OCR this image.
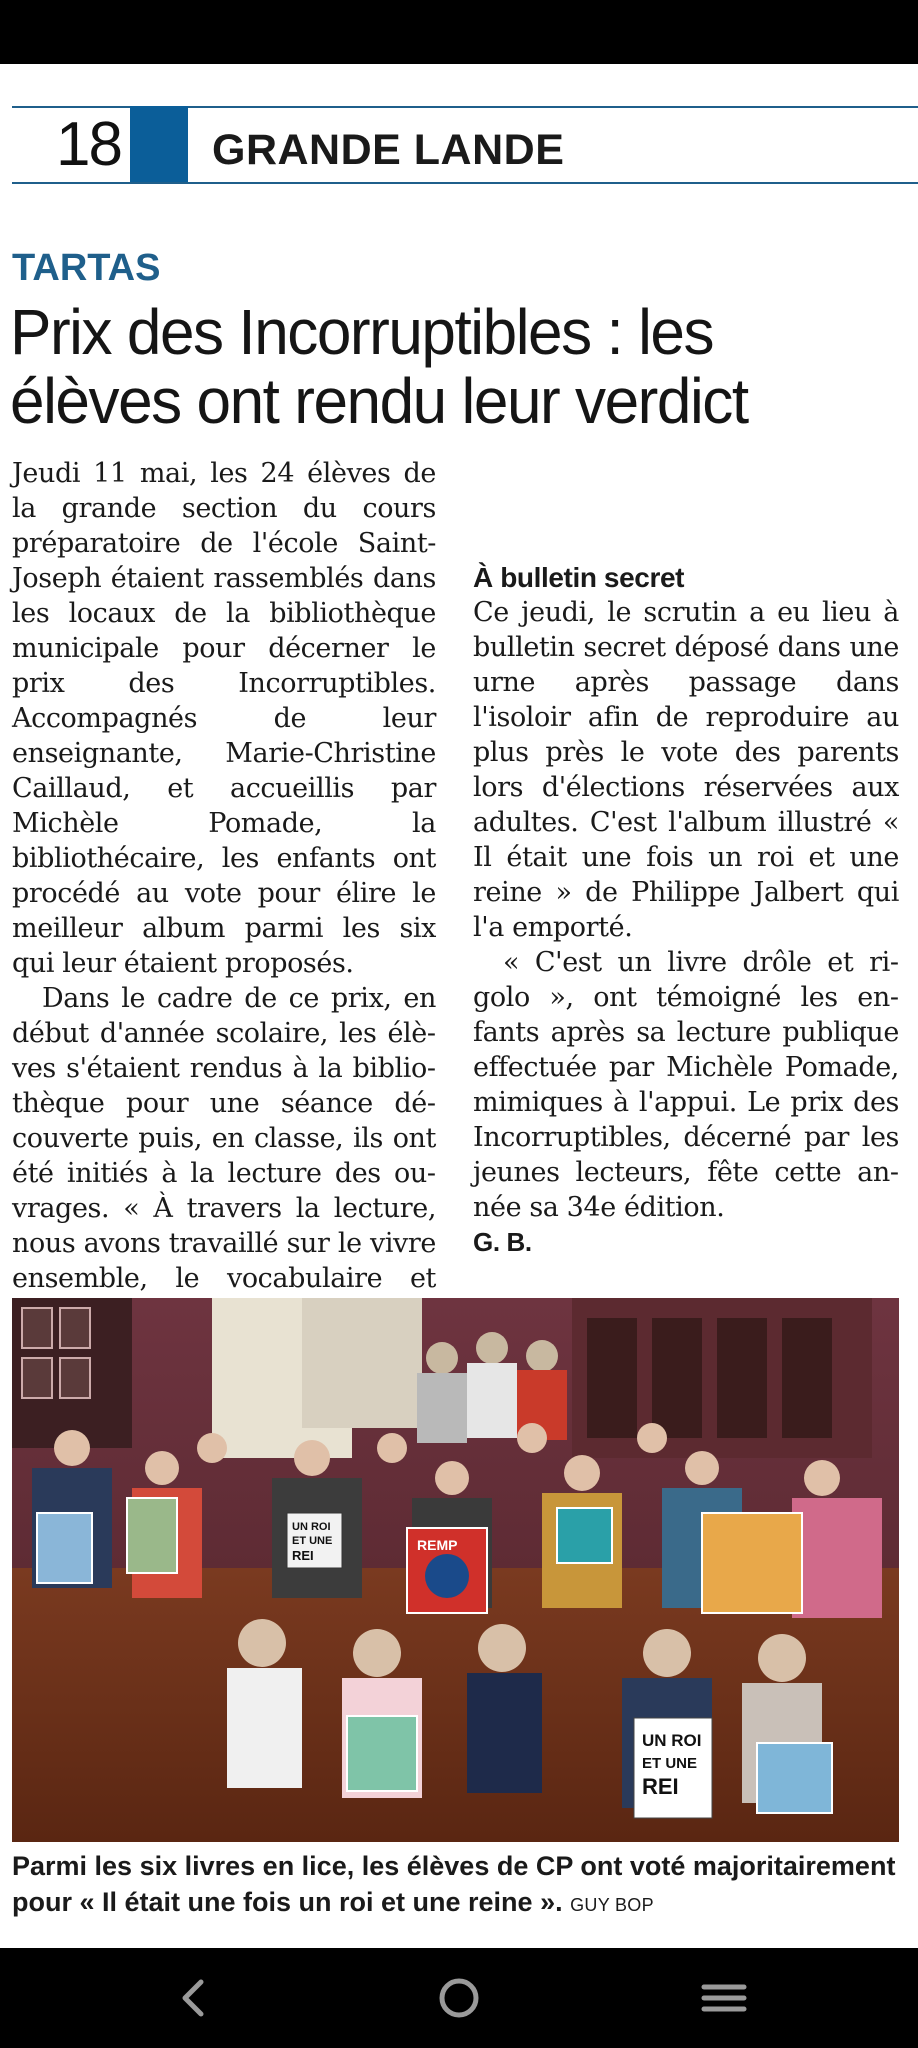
18 GRANDE LANDE
TARTAS
Prix des Incorruptibles : les élèves ont rendu leur verdict

Jeudi 11 mai, les 24 élèves de la grande section du cours préparatoire de l'école Saint-Joseph étaient rassemblés dans les locaux de la bibliothèque municipale pour décerner le prix des Incorruptibles. Accompagnés de leur enseignante, Marie-Christine Caillaud, et accueillis par Michèle Pomade, la bibliothécaire, les enfants ont procédé au vote pour élire le meilleur album parmi les six qui leur étaient proposés.

Dans le cadre de ce prix, en début d'année scolaire, les élèves s'étaient rendus à la bibliothèque pour une séance découverte puis, en classe, ils ont été initiés à la lecture des ouvrages. « À travers la lecture, nous avons travaillé sur le vivre ensemble, le vocabulaire et

À bulletin secret

Ce jeudi, le scrutin a eu lieu à bulletin secret déposé dans une urne après passage dans l'isoloir afin de reproduire au plus près le vote des parents lors d'élections réservées aux adultes. C'est l'album illustré « Il était une fois un roi et une reine » de Philippe Jalbert qui l'a emporté.

« C'est un livre drôle et rigolo », ont témoigné les enfants après sa lecture publique effectuée par Michèle Pomade, mimiques à l'appui. Le prix des Incorruptibles, décerné par les jeunes lecteurs, fête cette année sa 34e édition.

G. B.

UN ROI
ET UNE
REI
REMP
UN ROI
ET UNE
REI
Parmi les six livres en lice, les élèves de CP ont voté majoritairement pour « Il était une fois un roi et une reine ». GUY BOP
